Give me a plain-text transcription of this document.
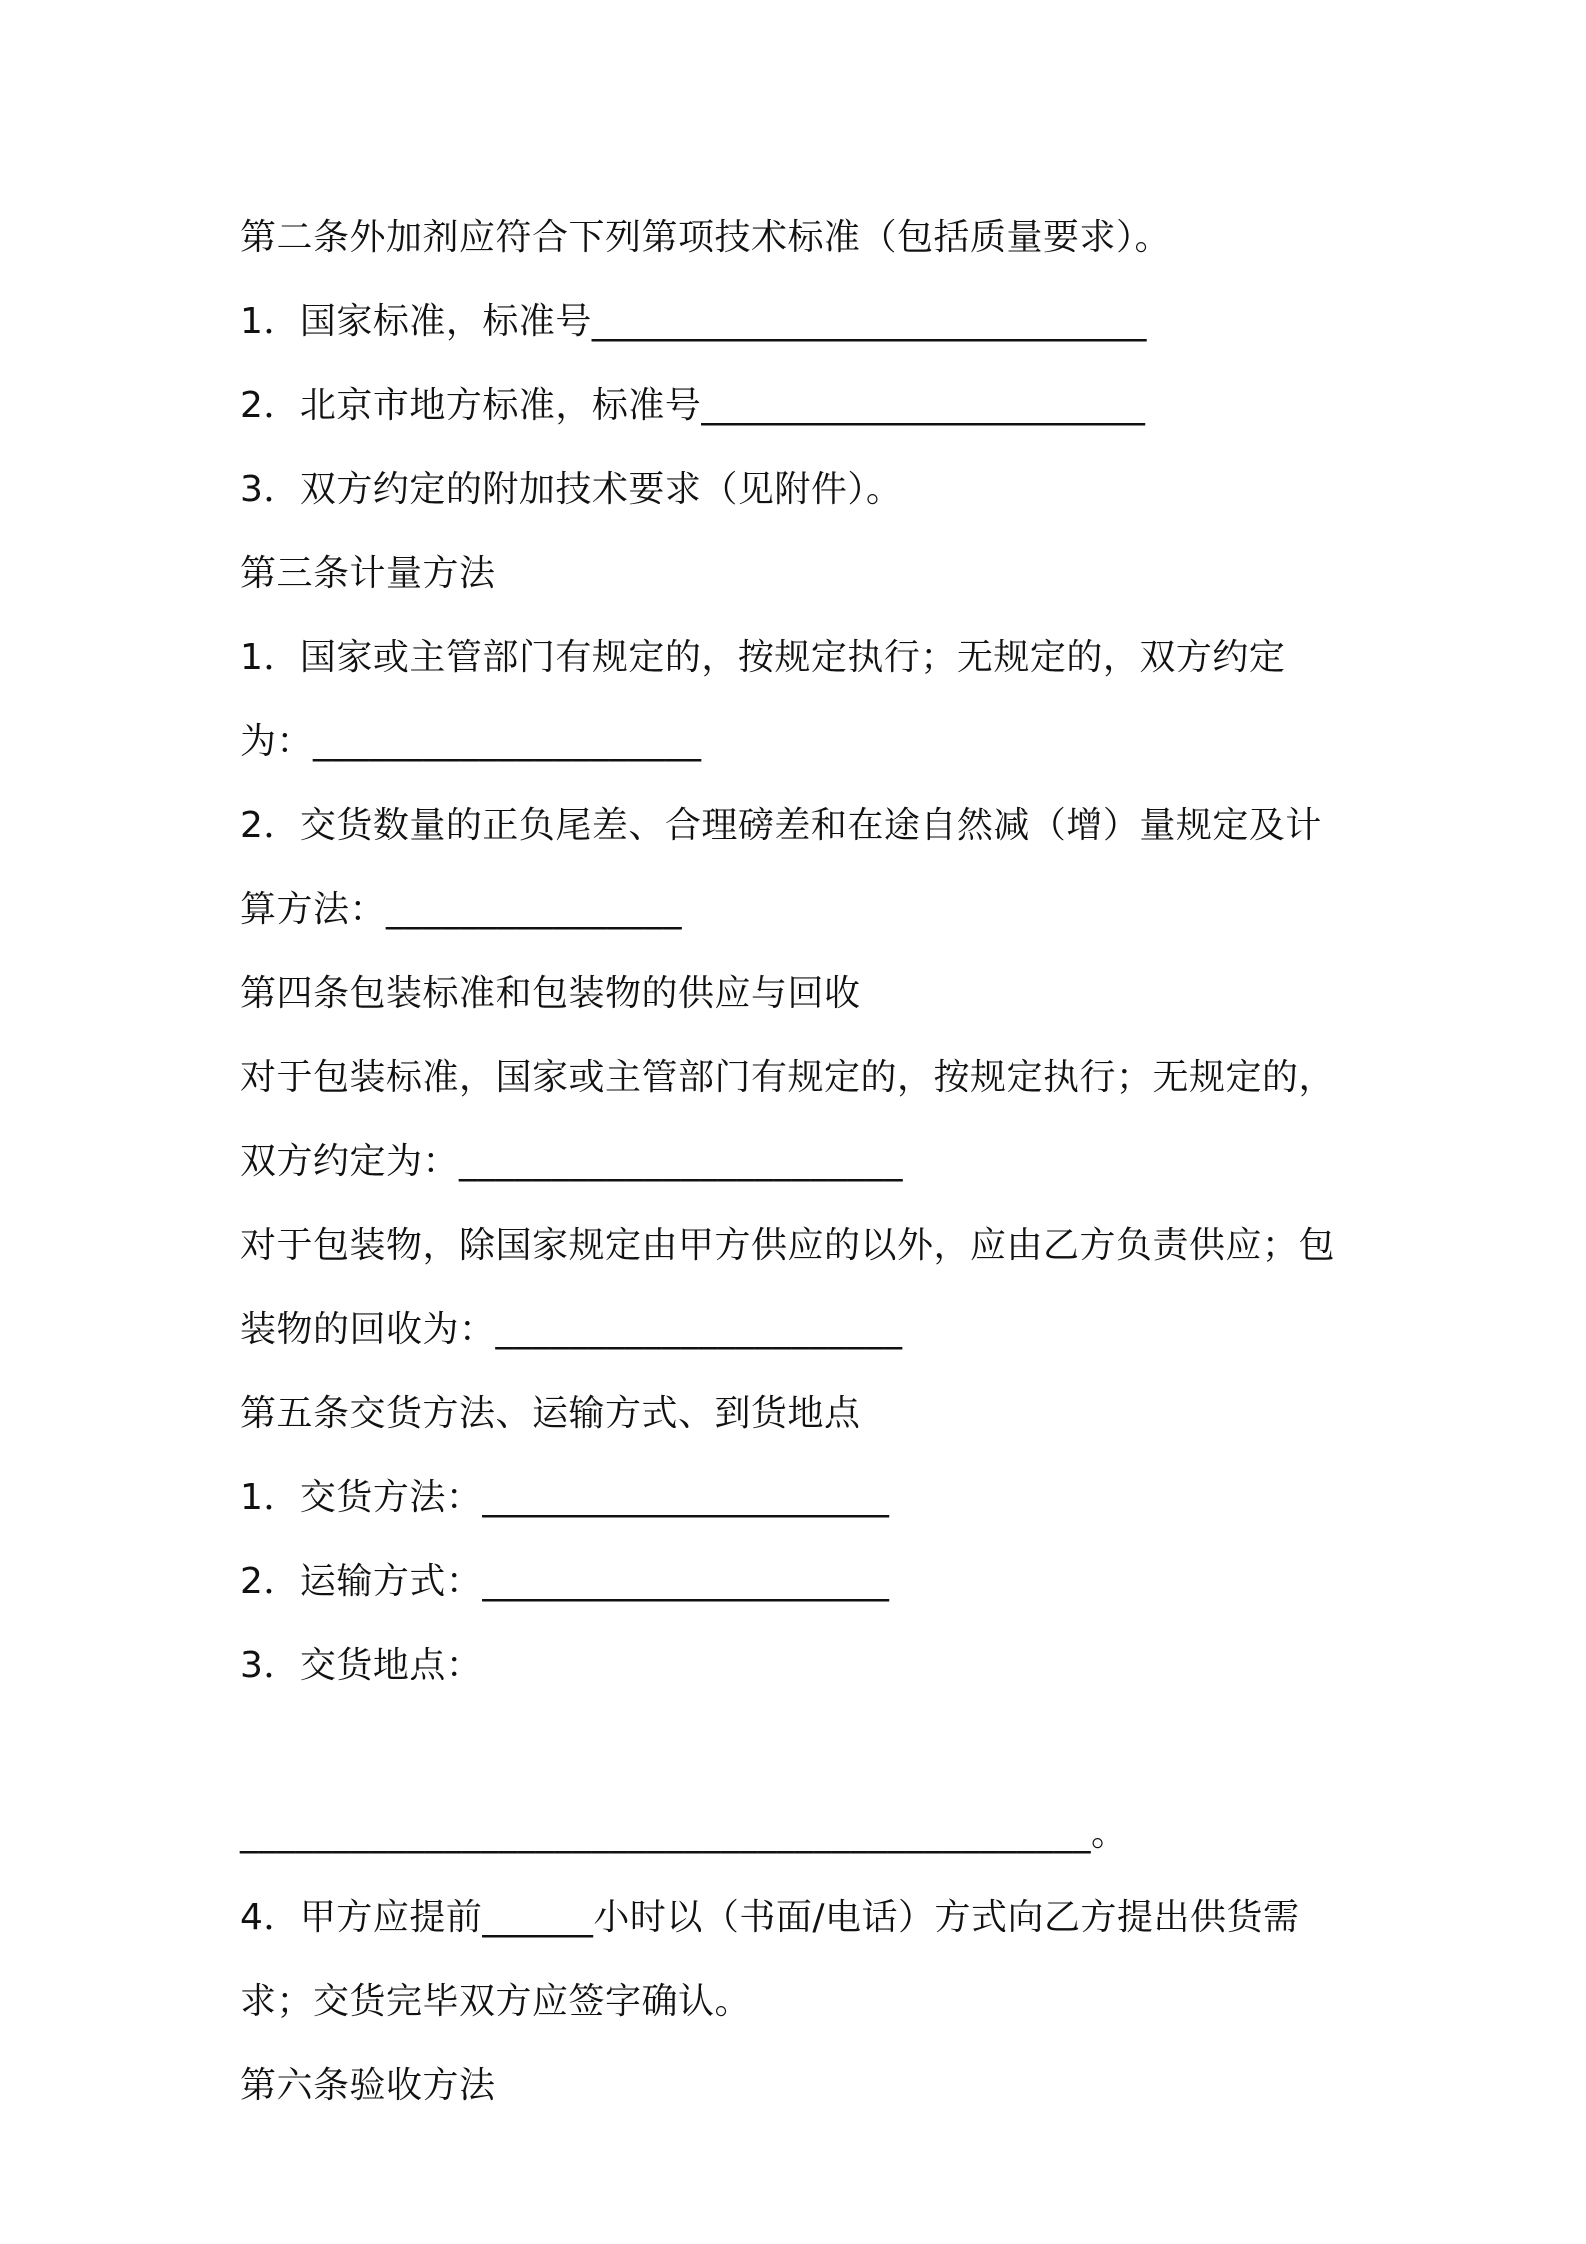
第二条外加剂应符合下列第项技术标准（包括质量要求）。
1．国家标准，标准号______________________________
2．北京市地方标准，标准号________________________
3．双方约定的附加技术要求（见附件）。
第三条计量方法
1．国家或主管部门有规定的，按规定执行；无规定的，双方约定
为：_____________________
2．交货数量的正负尾差、合理磅差和在途自然减（增）量规定及计
算方法：________________
第四条包装标准和包装物的供应与回收
对于包装标准，国家或主管部门有规定的，按规定执行；无规定的，
双方约定为：________________________
对于包装物，除国家规定由甲方供应的以外，应由乙方负责供应；包
装物的回收为：______________________
第五条交货方法、运输方式、到货地点
1．交货方法：______________________
2．运输方式：______________________
3．交货地点：
______________________________________________。
4．甲方应提前______小时以（书面/电话）方式向乙方提出供货需
求；交货完毕双方应签字确认。
第六条验收方法
